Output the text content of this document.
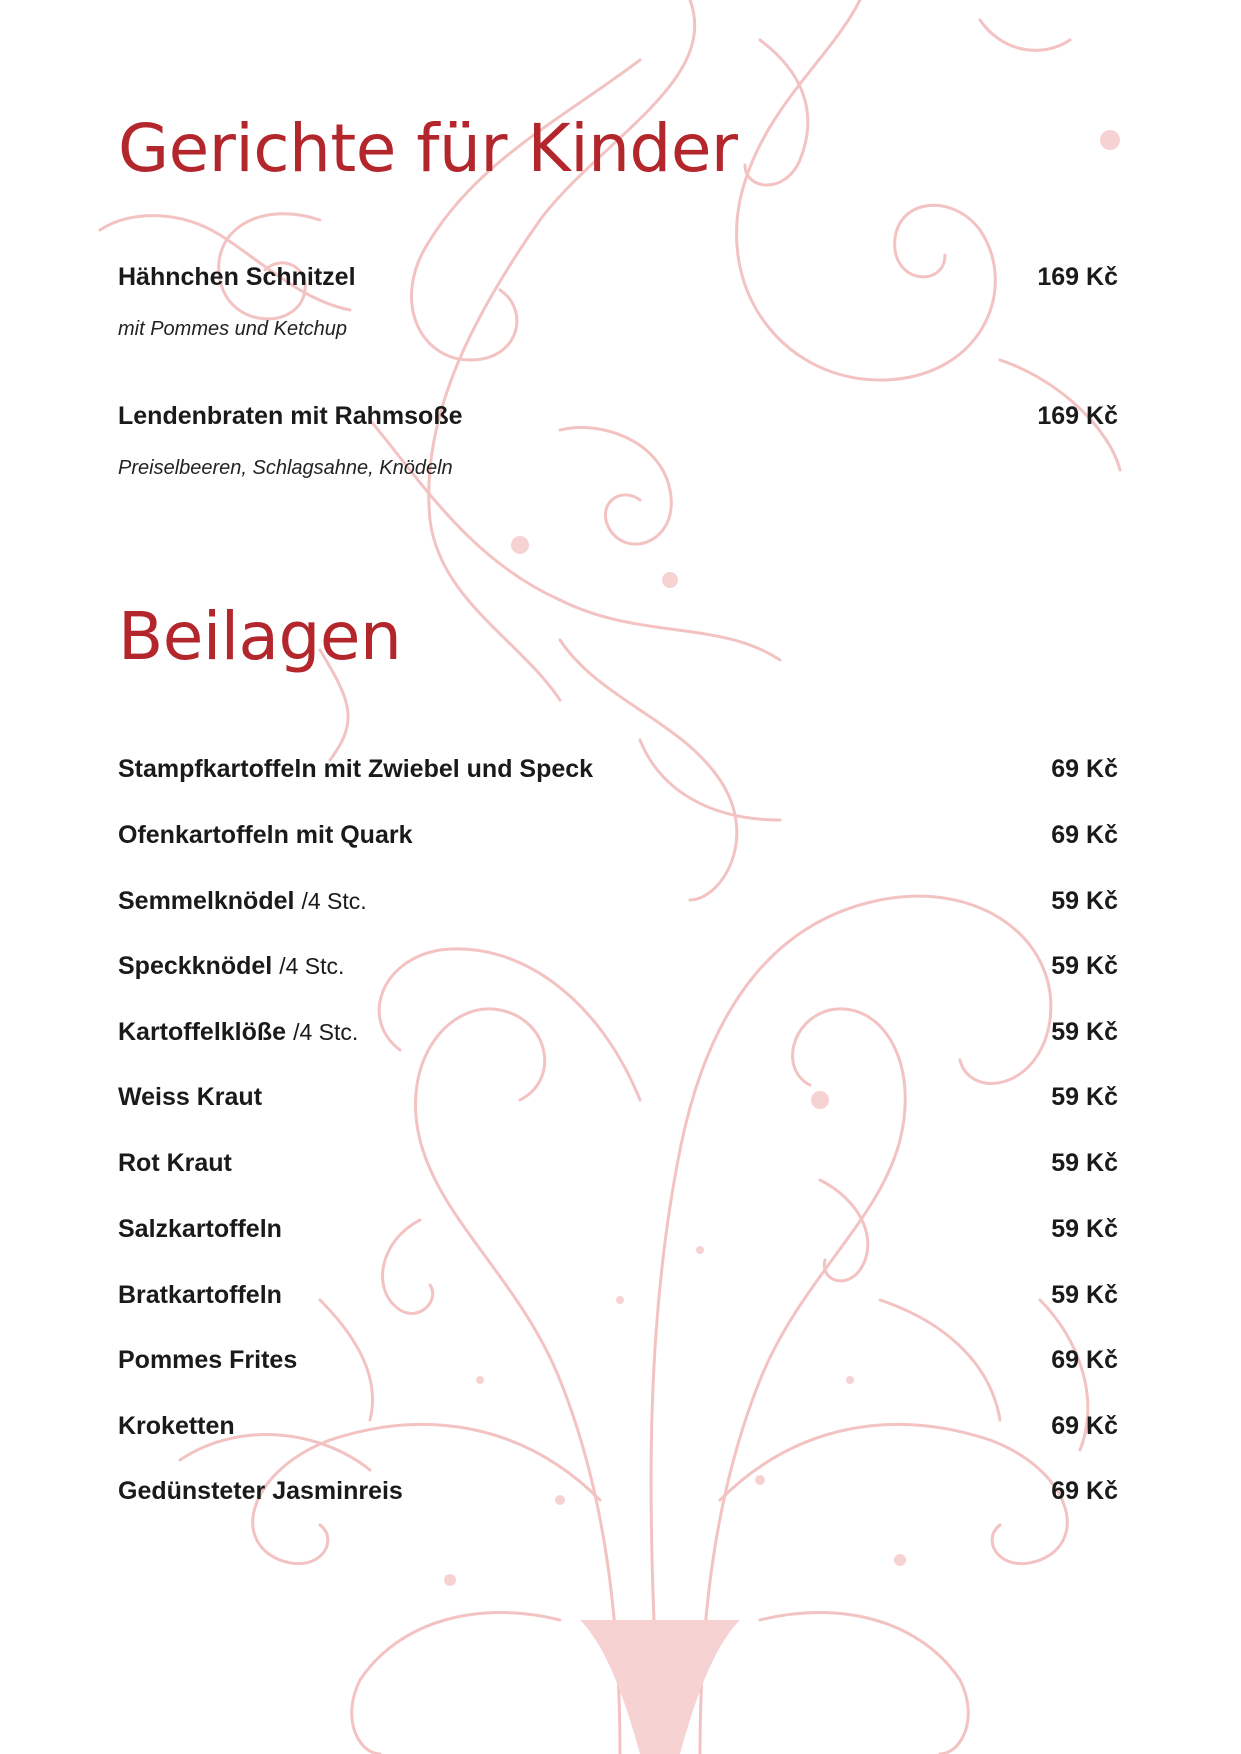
Gerichte für Kinder
Hähnchen Schnitzel	169 Kč
mit Pommes und Ketchup
Lendenbraten mit Rahmsoße	169 Kč
Preiselbeeren, Schlagsahne, Knödeln
Beilagen
Stampfkartoffeln mit Zwiebel und Speck	69 Kč
Ofenkartoffeln mit Quark	69 Kč
Semmelknödel /4 Stc.	59 Kč
Speckknödel /4 Stc.	59 Kč
Kartoffelklöße /4 Stc.	59 Kč
Weiss Kraut	59 Kč
Rot Kraut	59 Kč
Salzkartoffeln	59 Kč
Bratkartoffeln	59 Kč
Pommes Frites	69 Kč
Kroketten	69 Kč
Gedünsteter Jasminreis	69 Kč
